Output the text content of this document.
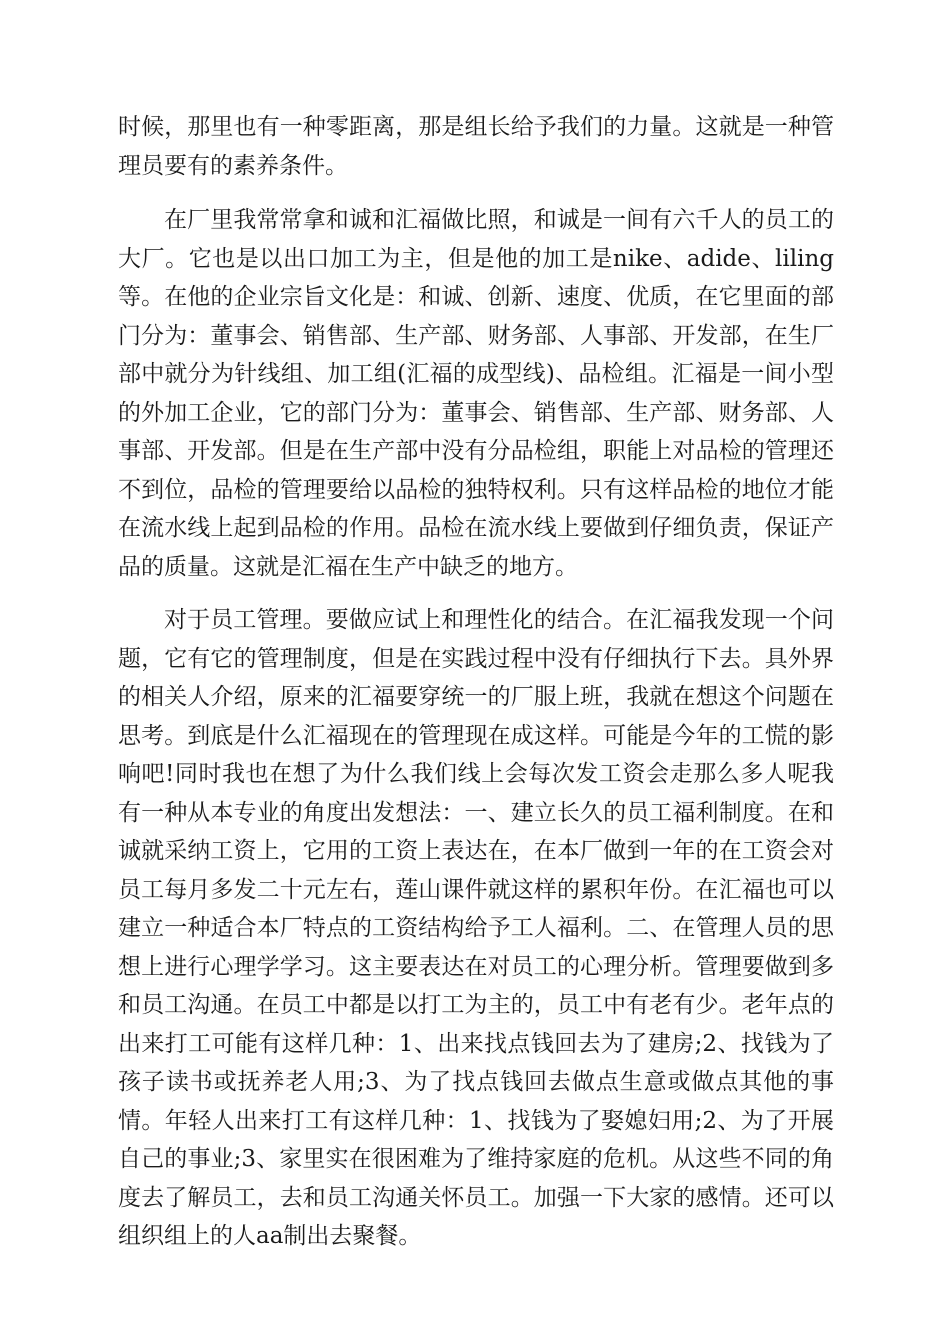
时候，那里也有一种零距离，那是组长给予我们的力量。这就是一种管理员要有的素养条件。

在厂里我常常拿和诚和汇福做比照，和诚是一间有六千人的员工的大厂。它也是以出口加工为主，但是他的加工是nike、adide、liling等。在他的企业宗旨文化是：和诚、创新、速度、优质，在它里面的部门分为：董事会、销售部、生产部、财务部、人事部、开发部，在生厂部中就分为针线组、加工组(汇福的成型线)、品检组。汇福是一间小型的外加工企业，它的部门分为：董事会、销售部、生产部、财务部、人事部、开发部。但是在生产部中没有分品检组，职能上对品检的管理还不到位，品检的管理要给以品检的独特权利。只有这样品检的地位才能在流水线上起到品检的作用。品检在流水线上要做到仔细负责，保证产品的质量。这就是汇福在生产中缺乏的地方。

对于员工管理。要做应试上和理性化的结合。在汇福我发现一个问题，它有它的管理制度，但是在实践过程中没有仔细执行下去。具外界的相关人介绍，原来的汇福要穿统一的厂服上班，我就在想这个问题在思考。到底是什么汇福现在的管理现在成这样。可能是今年的工慌的影响吧!同时我也在想了为什么我们线上会每次发工资会走那么多人呢我有一种从本专业的角度出发想法：一、建立长久的员工福利制度。在和诚就采纳工资上，它用的工资上表达在，在本厂做到一年的在工资会对员工每月多发二十元左右，莲山课件就这样的累积年份。在汇福也可以建立一种适合本厂特点的工资结构给予工人福利。二、在管理人员的思想上进行心理学学习。这主要表达在对员工的心理分析。管理要做到多和员工沟通。在员工中都是以打工为主的，员工中有老有少。老年点的出来打工可能有这样几种：1、出来找点钱回去为了建房;2、找钱为了孩子读书或抚养老人用;3、为了找点钱回去做点生意或做点其他的事情。年轻人出来打工有这样几种：1、找钱为了娶媳妇用;2、为了开展自己的事业;3、家里实在很困难为了维持家庭的危机。从这些不同的角度去了解员工，去和员工沟通关怀员工。加强一下大家的感情。还可以组织组上的人aa制出去聚餐。
